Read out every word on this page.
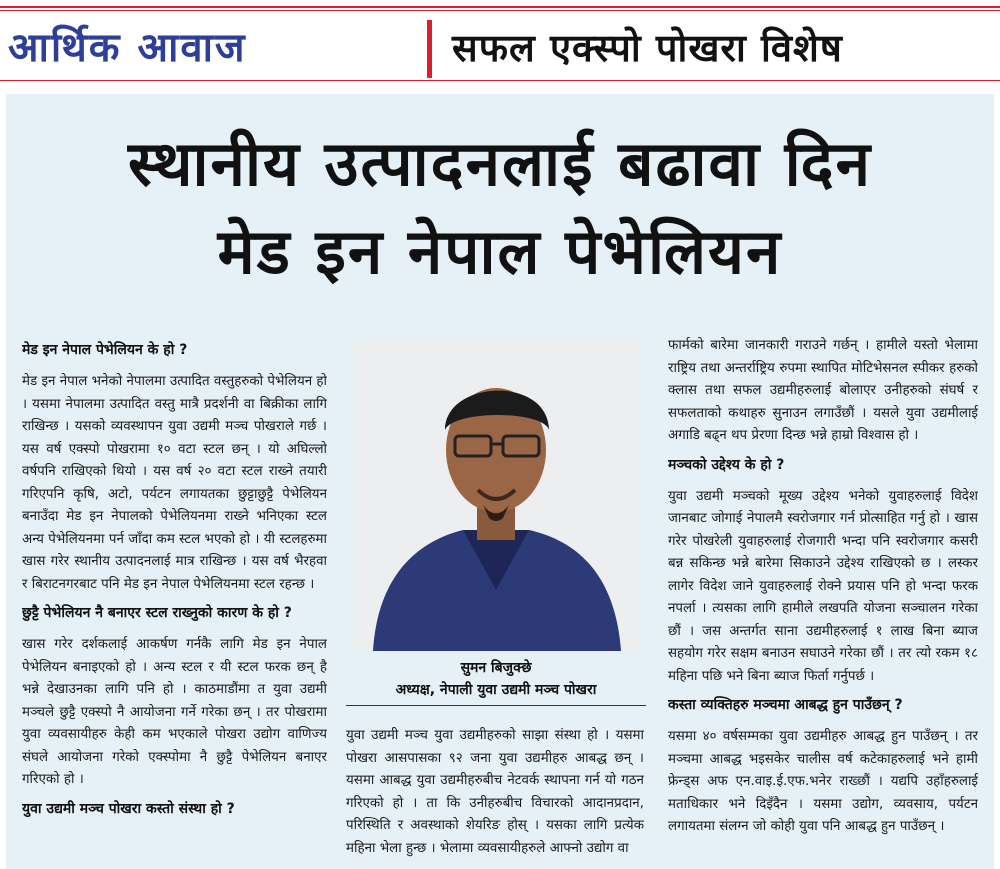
आर्थिक आवाज	सफल एक्स्पो पोखरा विशेष
स्थानीय उत्पादनलाई बढावा दिन
मेड इन नेपाल पेभेलियन
मेड इन नेपाल पेभेलियन के हो ?

मेड इन नेपाल भनेको नेपालमा उत्पादित वस्तुहरुको पेभेलियन हो । यसमा नेपालमा उत्पादित वस्तु मात्रै प्रदर्शनी वा बिक्रीका लागि राखिन्छ । यसको व्यवस्थापन युवा उद्यमी मञ्च पोखराले गर्छ । यस वर्ष एक्स्पो पोखरामा १० वटा स्टल छन् । यो अघिल्लो वर्षपनि राखिएको थियो । यस वर्ष २० वटा स्टल राख्ने तयारी गरिएपनि कृषि, अटो, पर्यटन लगायतका छुट्टाछुट्टै पेभेलियन बनाउँदा मेड इन नेपालको पेभेलियनमा राख्ने भनिएका स्टल अन्य पेभेलियनमा पर्न जाँदा कम स्टल भएको हो । यी स्टलहरुमा खास गरेर स्थानीय उत्पादनलाई मात्र राखिन्छ । यस वर्ष भैरहवा र बिराटनगरबाट पनि मेड इन नेपाल पेभेलियनमा स्टल रहन्छ ।

छुट्टै पेभेलियन नै बनाएर स्टल राख्नुको कारण के हो ?

खास गरेर दर्शकलाई आकर्षण गर्नकै लागि मेड इन नेपाल पेभेलियन बनाइएको हो । अन्य स्टल र यी स्टल फरक छन् है भन्ने देखाउनका लागि पनि हो । काठमाडौंमा त युवा उद्यमी मञ्चले छुट्टै एक्स्पो नै आयोजना गर्ने गरेका छन् । तर पोखरामा युवा व्यवसायीहरु केही कम भएकाले पोखरा उद्योग वाणिज्य संघले आयोजना गरेको एक्स्पोमा नै छुट्टै पेभेलियन बनाएर गरिएको हो ।

युवा उद्यमी मञ्च पोखरा कस्तो संस्था हो ?
सुमन बिजुक्छे
अध्यक्ष, नेपाली युवा उद्यमी मञ्च पोखरा

युवा उद्यमी मञ्च युवा उद्यमीहरुको साझा संस्था हो । यसमा पोखरा आसपासका ९२ जना युवा उद्यमीहरु आबद्ध छन् । यसमा आबद्ध युवा उद्यमीहरुबीच नेटवर्क स्थापना गर्न यो गठन गरिएको हो । ता कि उनीहरुबीच विचारको आदानप्रदान, परिस्थिति र अवस्थाको शेयरिङ होस् । यसका लागि प्रत्येक महिना भेला हुन्छ । भेलामा व्यवसायीहरुले आफ्नो उद्योग वा

फार्मको बारेमा जानकारी गराउने गर्छन् । हामीले यस्तो भेलामा राष्ट्रिय तथा अन्तर्राष्ट्रिय रुपमा स्थापित मोटिभेसनल स्पीकर हरुको क्लास तथा सफल उद्यमीहरुलाई बोलाएर उनीहरुको संघर्ष र सफलताको कथाहरु सुनाउन लगाउँछौं । यसले युवा उद्यमीलाई अगाडि बढ्न थप प्रेरणा दिन्छ भन्ने हाम्रो विश्वास हो ।

मञ्चको उद्देश्य के हो ?

युवा उद्यमी मञ्चको मूख्य उद्देश्य भनेको युवाहरुलाई विदेश जानबाट जोगाई नेपालमै स्वरोजगार गर्न प्रोत्साहित गर्नु हो । खास गरेर पोखरेली युवाहरुलाई रोजगारी भन्दा पनि स्वरोजगार कसरी बन्न सकिन्छ भन्ने बारेमा सिकाउने उद्देश्य राखिएको छ । लस्कर लागेर विदेश जाने युवाहरुलाई रोक्ने प्रयास पनि हो भन्दा फरक नपर्ला । त्यसका लागि हामीले लखपति योजना सञ्चालन गरेका छौं । जस अन्तर्गत साना उद्यमीहरुलाई १ लाख बिना ब्याज सहयोग गरेर सक्षम बनाउन सघाउने गरेका छौं । तर त्यो रकम १८ महिना पछि भने बिना ब्याज फिर्ता गर्नुपर्छ ।

कस्ता व्यक्तिहरु मञ्चमा आबद्ध हुन पाउँछन् ?

यसमा ४० वर्षसम्मका युवा उद्यमीहरु आबद्ध हुन पाउँछन् । तर मञ्चमा आबद्ध भइसकेर चालीस वर्ष कटेकाहरुलाई भने हामी फ्रेन्ड्स अफ एन.वाइ.ई.एफ.भनेर राख्छौं । यद्यपि उहाँहरुलाई मताधिकार भने दिइँदैन । यसमा उद्योग, व्यवसाय, पर्यटन लगायतमा संलग्न जो कोही युवा पनि आबद्ध हुन पाउँछन् ।
